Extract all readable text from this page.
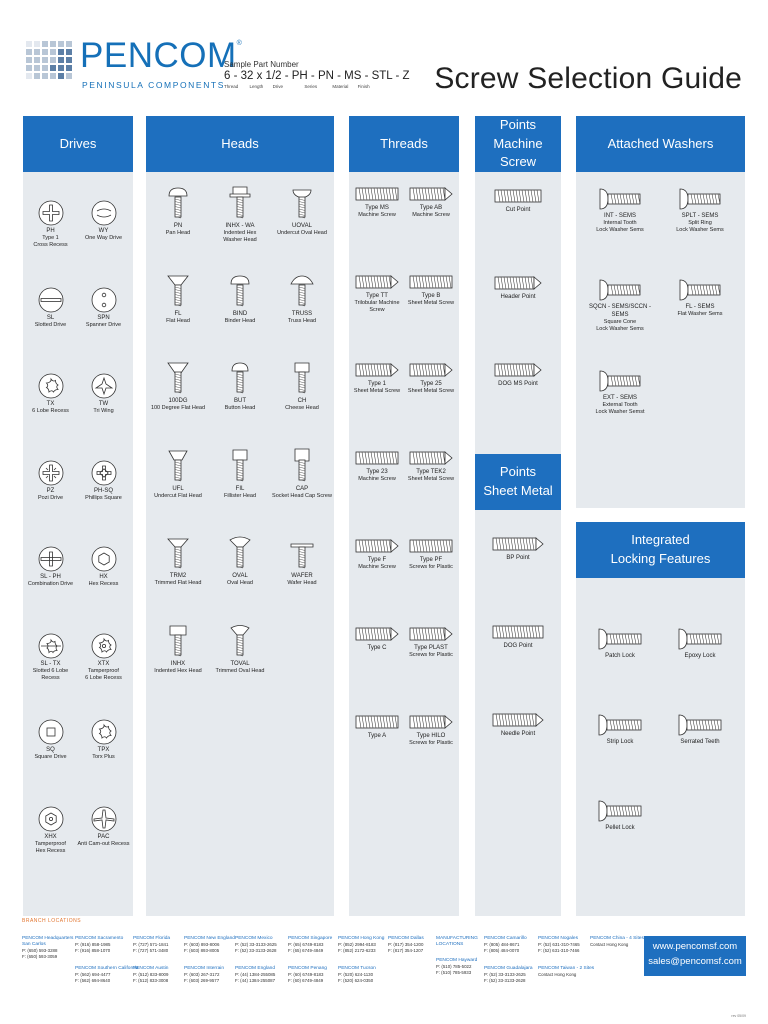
PENCOM®
PENINSULA COMPONENTS
Sample Part Number
6 - 32 x 1/2 - PH - PN - MS - STL - Z
Thread	Length Drive	Series	Material Finish	Screw Selection Guide
Drives
PH
Type 1
Cross Recess
WY
One Way Drive
SL
Slotted Drive
SPN
Spanner Drive
TX
6 Lobe Recess
TW
Tri Wing
PZ
Pozi Drive
PH-SQ
Phillips Square
SL - PH
Combination Drive
HX
Hex Recess
SL - TX
Slotted 6 Lobe Recess
XTX
Tamperproof
6 Lobe Recess
SQ
Square Drive
TPX
Torx Plus
XHX
Tamperproof
Hex Recess
PAC
Anti Cam-out Recess
Heads
PN
Pan Head
INHX - WA
Indented Hex
Washer Head
UOVAL
Undercut Oval Head
FL
Flat Head
BIND
Binder Head
TRUSS
Truss Head
100DG
100 Degree Flat Head
BUT
Button Head
CH
Cheese Head
UFL
Undercut Flat Head
FIL
Fillister Head
CAP
Socket Head Cap Screw
TRM2
Trimmed Flat Head
OVAL
Oval Head
WAFER
Wafer Head
INHX
Indented Hex Head
TOVAL
Trimmed Oval Head
Threads
Type MS
Machine Screw
Type AB
Machine Screw
Type TT
Trilobular Machine Screw
Type B
Sheet Metal Screw
Type 1
Sheet Metal Screw
Type 25
Sheet Metal Screw
Type 23
Machine Screw
Type TEK2
Sheet Metal Screw
Type F
Machine Screw
Type PF
Screws for Plastic
Type C	Type PLAST
Screws for Plastic
Type A	Type HILO
Screws for Plastic
Points
Machine Screw
Cut Point
Header Point
DOG MS Point
Points
Sheet Metal
BP Point
DOG Point
Needle Point
Attached Washers
INT - SEMS
Internal Tooth
Lock Washer Sems
SPLT - SEMS
Split Ring
Lock Washer Sems
SQCN - SEMS/SCCN - SEMS
Square Cone
Lock Washer Sems
FL - SEMS
Flat Washer Sems
EXT - SEMS
External Tooth
Lock Washer Semst
Integrated
Locking Features
Patch Lock	Epoxy Lock
Strip Lock	Serrated Teeth
Pellet Lock
BRANCH LOCATIONS
PENCOM Headquarters
San Carlos
P: (650) 593-3288
F: (650) 593-3059
PENCOM Sacramento
P: (916) 858-1985
F: (916) 858-1070
PENCOM Florida
P: (727) 571-1841
F: (727) 571-3480
PENCOM New England
P: (603) 893-8006
F: (603) 893-8005
PENCOM Mexico
P: (52) 33-3133-2625
F: (52) 33-3133-2628
PENCOM Singapore
P: (65) 6749-8183
F: (65) 6749-4849
PENCOM Hong Kong
P: (852) 2994-8183
F: (852) 2172-6233
PENCOM Dallas
P: (817) 354-1200
F: (817) 354-1207
PENCOM Southern California
P: (562) 694-4477
F: (562) 694-8640
PENCOM Austin
P: (512) 833-8009
F: (512) 833-3008
PENCOM Interrain
P: (603) 267-3172
F: (603) 269-9577
PENCOM England
P: (44) 1384-255085
F: (44) 1384-255087
PENCOM Penang
P: (60) 6749-8183
F: (60) 6749-4849
PENCOM Tucson
P: (520) 624-1130
F: (520) 624-0350
MANUFACTURING
LOCATIONS
PENCOM Hayward
P: (510) 785-5022
F: (510) 785-5933
PENCOM Camarillo
P: (805) 484-8671
F: (805) 484-0070
PENCOM Nogales
P: (52) 631-310-7465
F: (52) 631-310-7466
PENCOM China - 4 Sites
Contact Hong Kong
PENCOM Guadalajara
P: (52) 33-3133-2625
F: (52) 33-3133-2628
PENCOM Taiwan - 2 Sites
Contact Hong Kong
www.pencomsf.com
sales@pencomsf.com
rev 05/09
